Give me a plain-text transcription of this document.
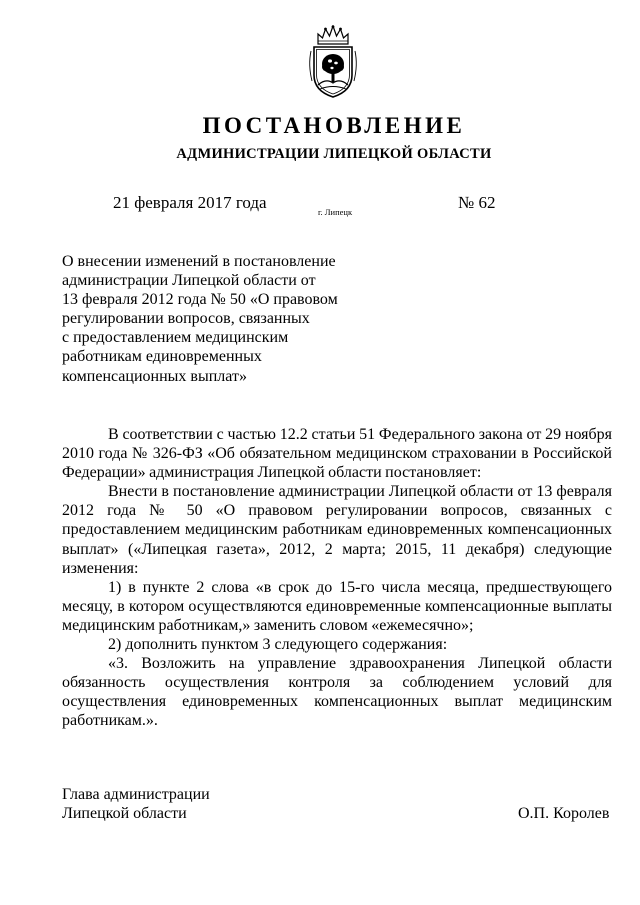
ПОСТАНОВЛЕНИЕ
АДМИНИСТРАЦИИ ЛИПЕЦКОЙ ОБЛАСТИ
21 февраля 2017 года	г. Липецк	№ 62
О внесении изменений в постановление
администрации Липецкой области от
13 февраля 2012 года № 50 «О правовом
регулировании вопросов, связанных
с предоставлением медицинским
работникам единовременных
компенсационных выплат»

В соответствии с частью 12.2 статьи 51 Федерального закона от 29 ноября 2010 года № 326-ФЗ «Об обязательном медицинском страховании в Российской Федерации» администрация Липецкой области постановляет:

Внести в постановление администрации Липецкой области от 13 февраля 2012 года № 50 «О правовом регулировании вопросов, связанных с предоставлением медицинским работникам единовременных компенсационных выплат» («Липецкая газета», 2012, 2 марта; 2015, 11 декабря) следующие изменения:

1) в пункте 2 слова «в срок до 15-го числа месяца, предшествующего месяцу, в котором осуществляются единовременные компенсационные выплаты медицинским работникам,» заменить словом «ежемесячно»;

2) дополнить пунктом 3 следующего содержания:

«3. Возложить на управление здравоохранения Липецкой области обязанность осуществления контроля за соблюдением условий для осуществления единовременных компенсационных выплат медицинским работникам.».

Глава администрации
Липецкой области	О.П. Королев
